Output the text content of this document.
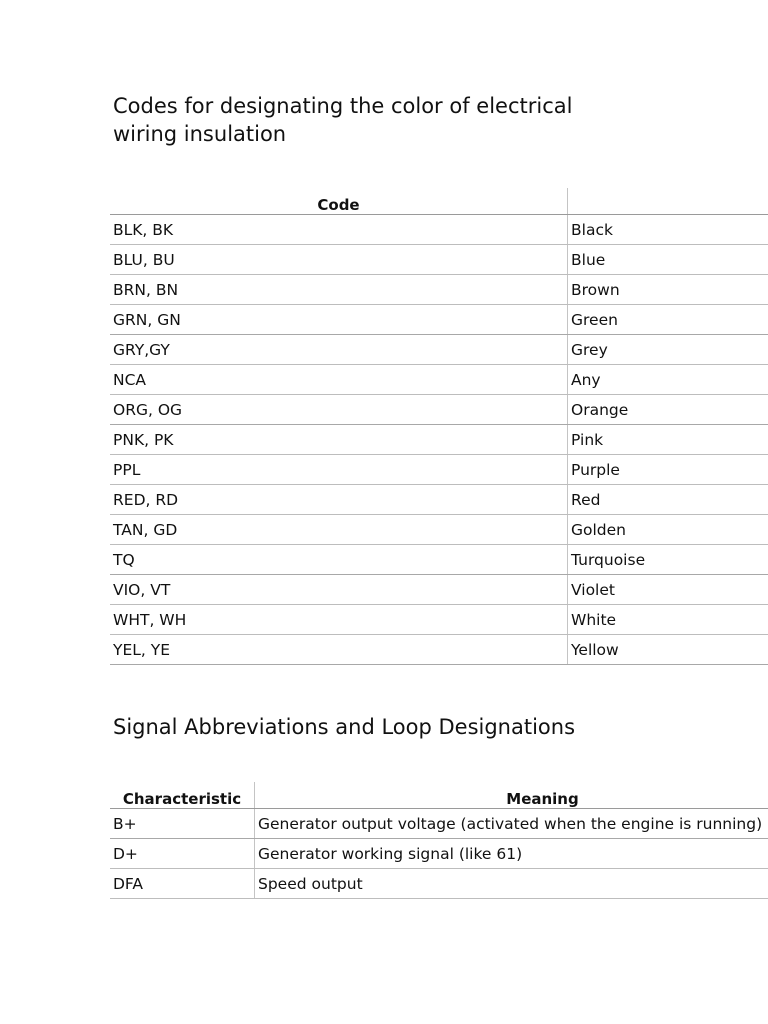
Codes for designating the color of electrical wiring insulation
Code	
BLK, BK	Black
BLU, BU	Blue
BRN, BN	Brown
GRN, GN	Green
GRY,GY	Grey
NCA	Any
ORG, OG	Orange
PNK, PK	Pink
PPL	Purple
RED, RD	Red
TAN, GD	Golden
TQ	Turquoise
VIO, VT	Violet
WHT, WH	White
YEL, YE	Yellow
Signal Abbreviations and Loop Designations
Characteristic	Meaning
B+	Generator output voltage (activated when the engine is running)
D+	Generator working signal (like 61)
DFA	Speed output
